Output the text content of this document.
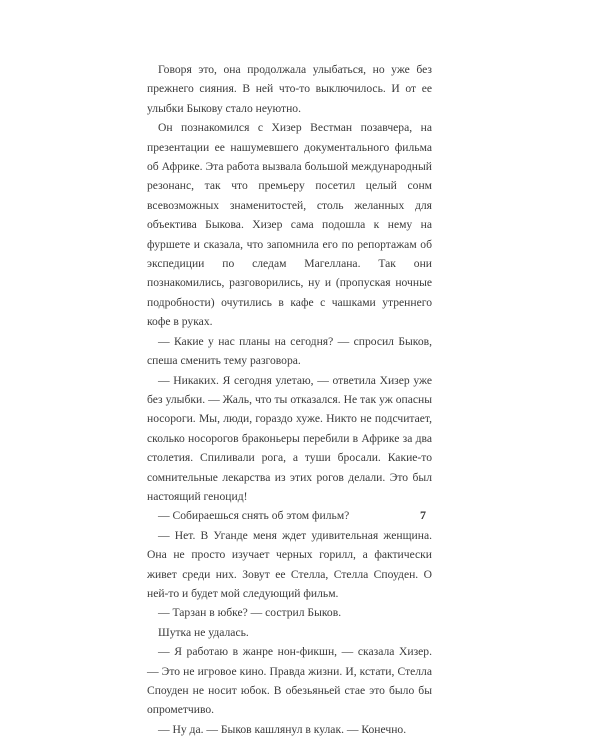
Говоря это, она продолжала улыбаться, но уже без прежнего сияния. В ней что-то выключилось. И от ее улыбки Быкову стало неуютно.

Он познакомился с Хизер Вестман позавчера, на презентации ее нашумевшего документального фильма об Африке. Эта работа вызвала большой международный резонанс, так что премьеру посетил целый сонм всевозможных знаменитостей, столь желанных для объектива Быкова. Хизер сама подошла к нему на фуршете и сказала, что запомнила его по репортажам об экспедиции по следам Магеллана. Так они познакомились, разговорились, ну и (пропуская ночные подробности) очутились в кафе с чашками утреннего кофе в руках.

— Какие у нас планы на сегодня? — спросил Быков, спеша сменить тему разговора.

— Никаких. Я сегодня улетаю, — ответила Хизер уже без улыбки. — Жаль, что ты отказался. Не так уж опасны носороги. Мы, люди, гораздо хуже. Никто не подсчитает, сколько носорогов браконьеры перебили в Африке за два столетия. Спиливали рога, а туши бросали. Какие-то сомнительные лекарства из этих рогов делали. Это был настоящий геноцид!

— Собираешься снять об этом фильм?

— Нет. В Уганде меня ждет удивительная женщина. Она не просто изучает черных горилл, а фактически живет среди них. Зовут ее Стелла, Стелла Споуден. О ней-то и будет мой следующий фильм.

— Тарзан в юбке? — сострил Быков.

Шутка не удалась.

— Я работаю в жанре нон-фикшн, — сказала Хизер. — Это не игровое кино. Правда жизни. И, кстати, Стелла Споуден не носит юбок. В обезьяньей стае это было бы опрометчиво.

— Ну да. — Быков кашлянул в кулак. — Конечно.

7
